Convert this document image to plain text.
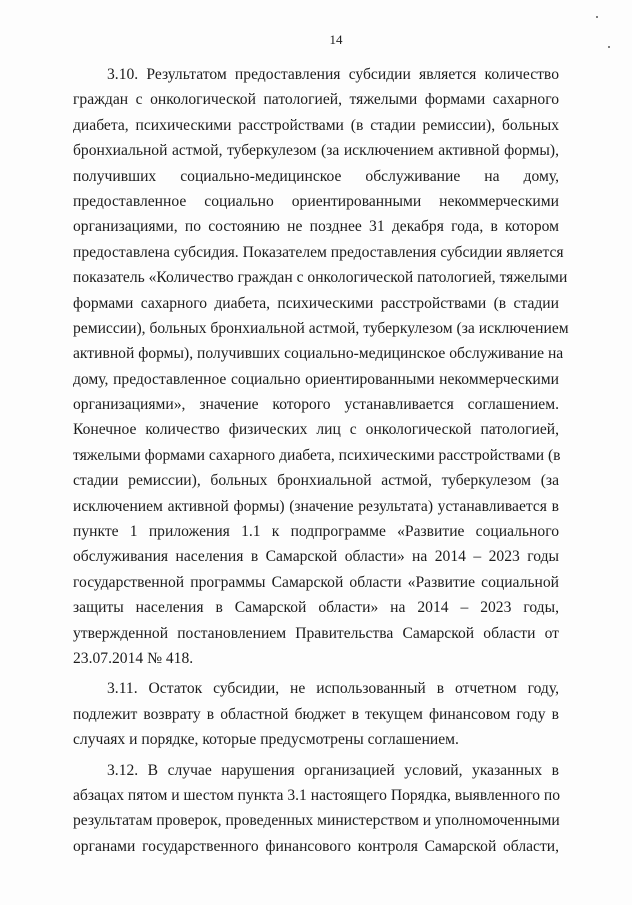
14
3.10. Результатом предоставления субсидии является количество
граждан с онкологической патологией, тяжелыми формами сахарного
диабета, психическими расстройствами (в стадии ремиссии), больных
бронхиальной астмой, туберкулезом (за исключением активной формы),
получивших социально-медицинское обслуживание на дому,
предоставленное социально ориентированными некоммерческими
организациями, по состоянию не позднее 31 декабря года, в котором
предоставлена субсидия. Показателем предоставления субсидии является
показатель «Количество граждан с онкологической патологией, тяжелыми
формами сахарного диабета, психическими расстройствами (в стадии
ремиссии), больных бронхиальной астмой, туберкулезом (за исключением
активной формы), получивших социально-медицинское обслуживание на
дому, предоставленное социально ориентированными некоммерческими
организациями», значение которого устанавливается соглашением.
Конечное количество физических лиц с онкологической патологией,
тяжелыми формами сахарного диабета, психическими расстройствами (в
стадии ремиссии), больных бронхиальной астмой, туберкулезом (за
исключением активной формы) (значение результата) устанавливается в
пункте 1 приложения 1.1 к подпрограмме «Развитие социального
обслуживания населения в Самарской области» на 2014 – 2023 годы
государственной программы Самарской области «Развитие социальной
защиты населения в Самарской области» на 2014 – 2023 годы,
утвержденной постановлением Правительства Самарской области от
23.07.2014 № 418.
3.11. Остаток субсидии, не использованный в отчетном году,
подлежит возврату в областной бюджет в текущем финансовом году в
случаях и порядке, которые предусмотрены соглашением.
3.12. В случае нарушения организацией условий, указанных в
абзацах пятом и шестом пункта 3.1 настоящего Порядка, выявленного по
результатам проверок, проведенных министерством и уполномоченными
органами государственного финансового контроля Самарской области,
